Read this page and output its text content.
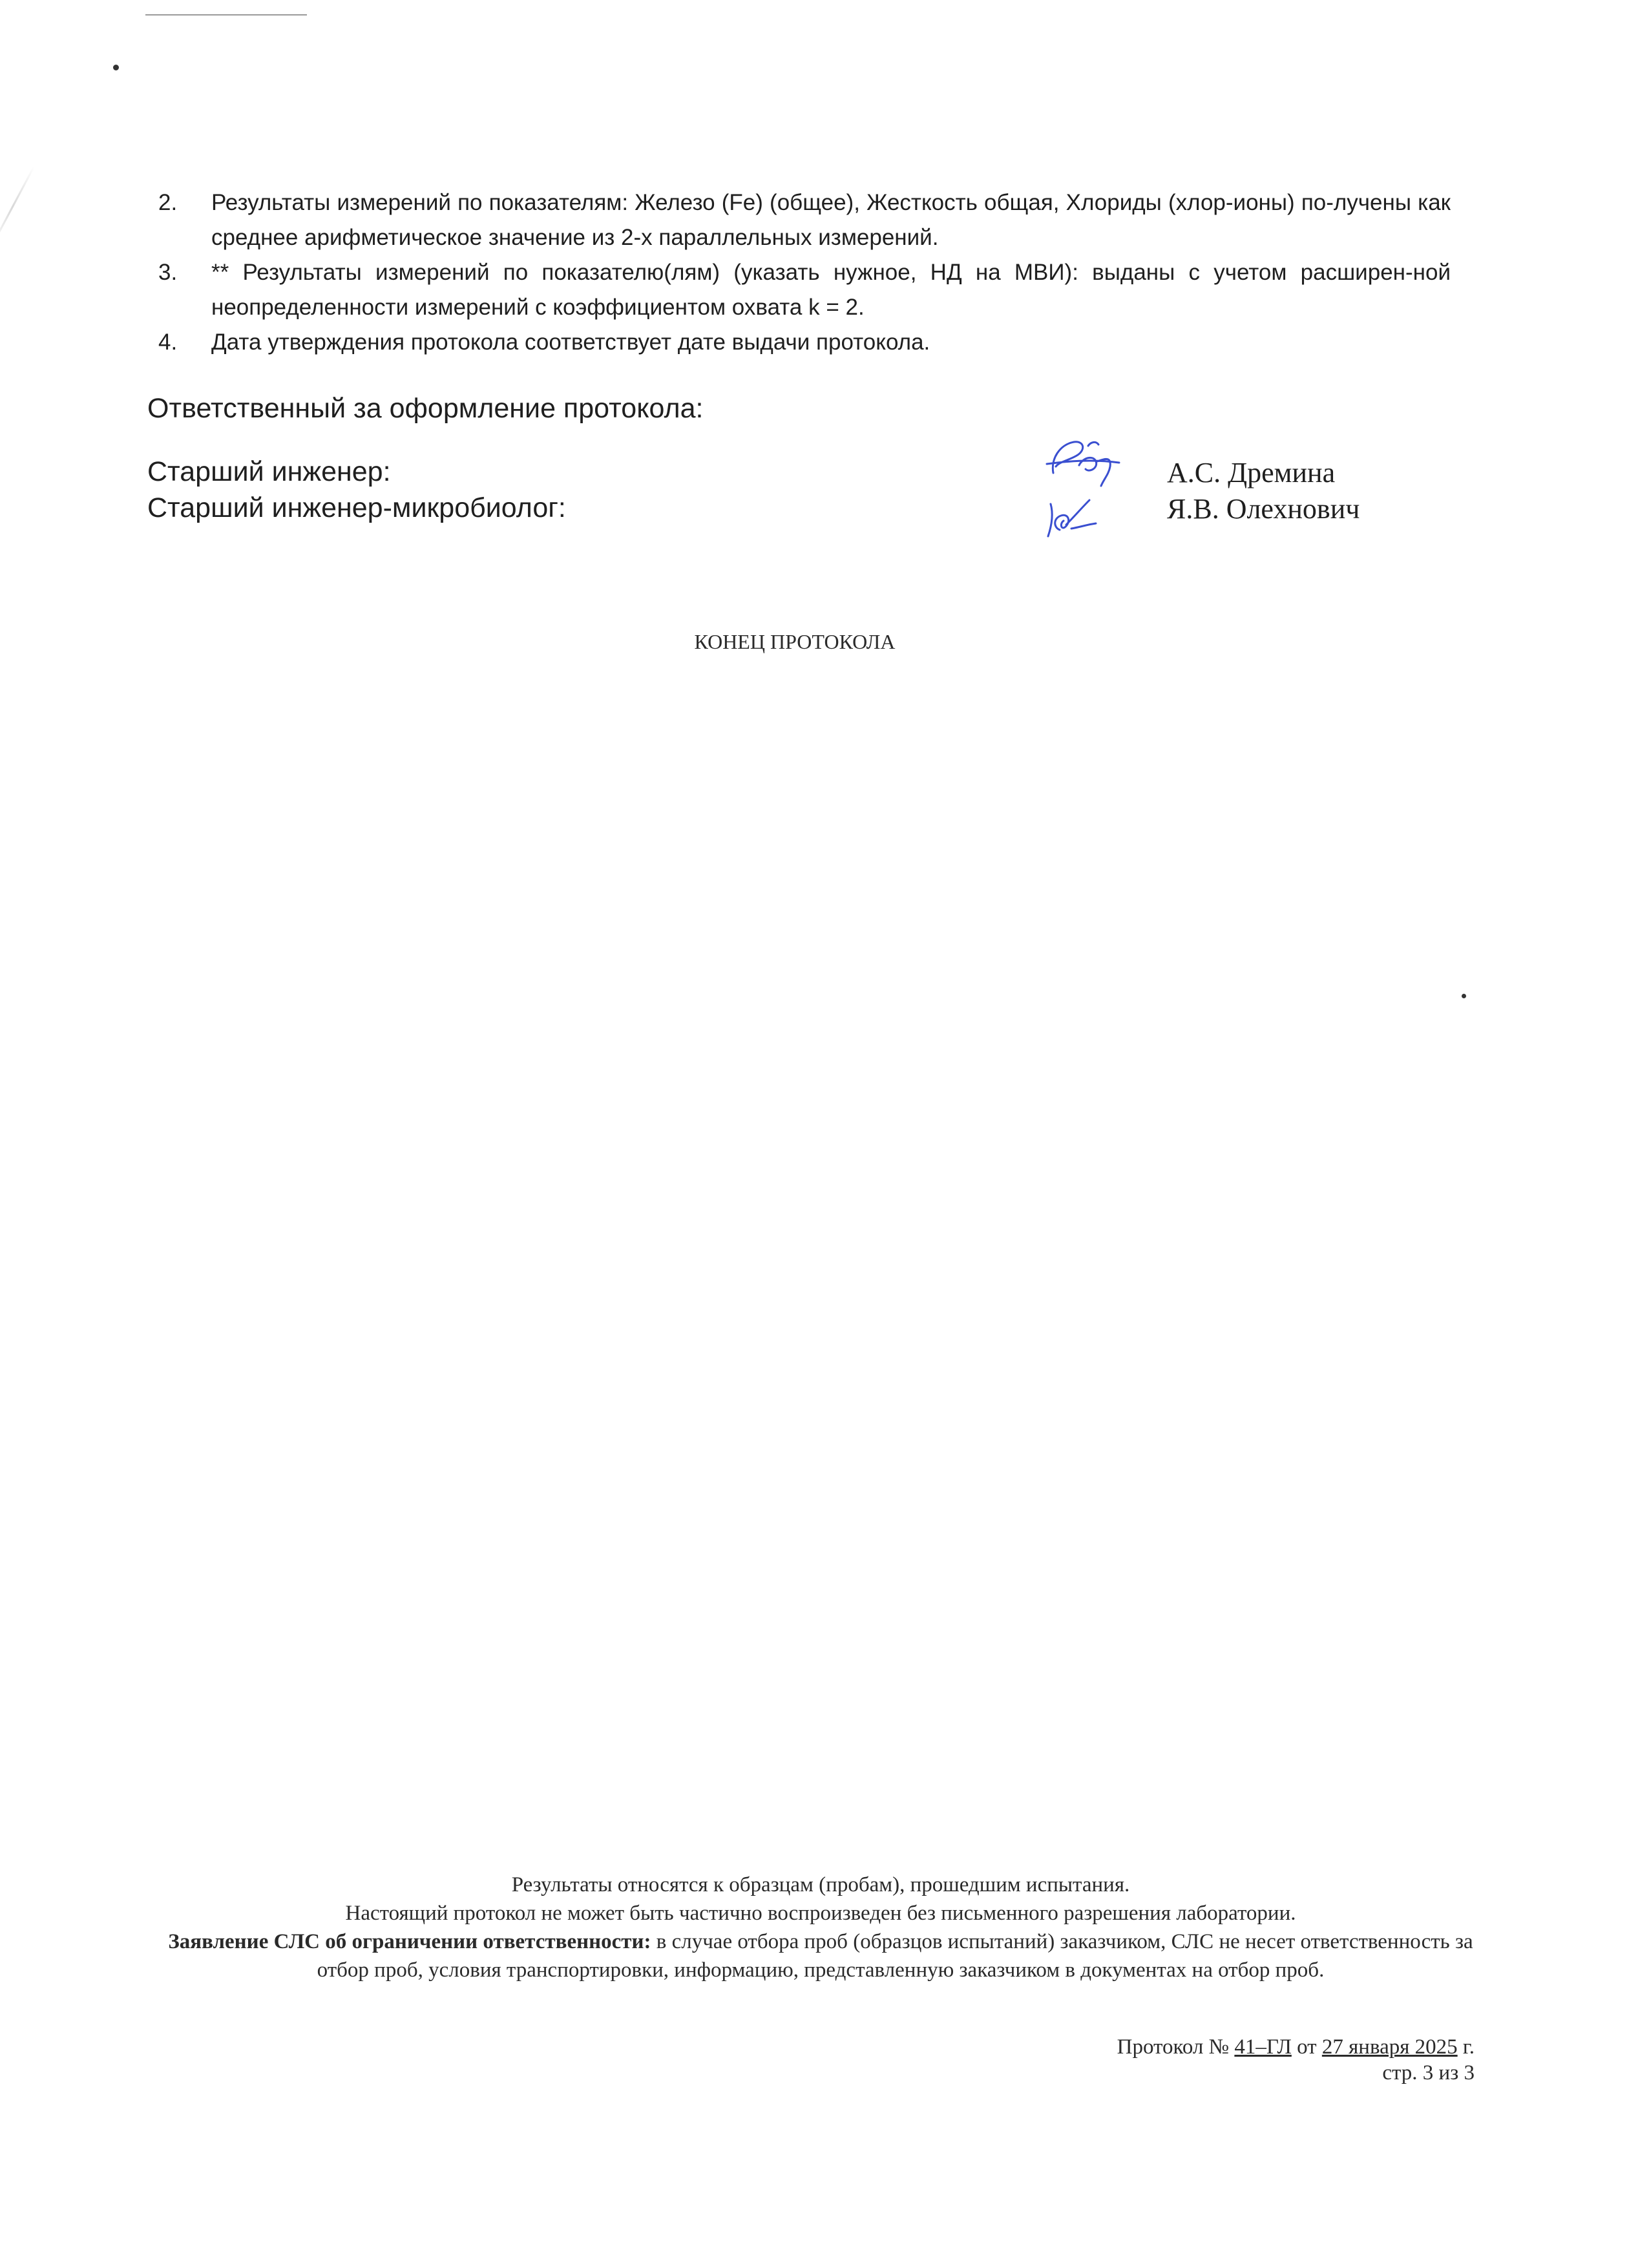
2. Результаты измерений по показателям: Железо (Fe) (общее), Жесткость общая, Хлориды (хлор-ионы) по-лучены как среднее арифметическое значение из 2-х параллельных измерений.
3. ** Результаты измерений по показателю(лям) (указать нужное, НД на МВИ): выданы с учетом расширен-ной неопределенности измерений с коэффициентом охвата k = 2.
4. Дата утверждения протокола соответствует дате выдачи протокола.
Ответственный за оформление протокола:
Старший инженер:	А.С. Дремина
Старший инженер-микробиолог:	Я.В. Олехнович
КОНЕЦ ПРОТОКОЛА

Результаты относятся к образцам (пробам), прошедшим испытания.

Настоящий протокол не может быть частично воспроизведен без письменного разрешения лаборатории.

Заявление СЛС об ограничении ответственности: в случае отбора проб (образцов испытаний) заказчиком, СЛС не несет ответственность за отбор проб, условия транспортировки, информацию, представленную заказчиком в документах на отбор проб.

Протокол № 41–ГЛ от 27 января 2025 г.
стр. 3 из 3
